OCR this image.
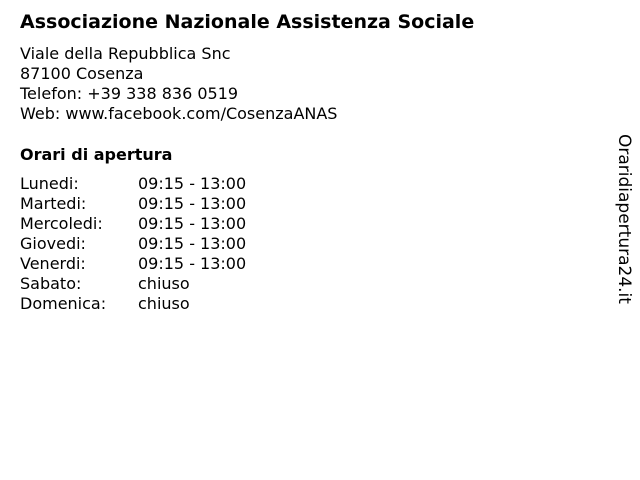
Associazione Nazionale Assistenza Sociale
Viale della Repubblica Snc
87100 Cosenza
Telefon: +39 338 836 0519
Web: www.facebook.com/CosenzaANAS
Orari di apertura
Lunedi:	09:15 - 13:00
Martedi:	09:15 - 13:00
Mercoledi:	09:15 - 13:00
Giovedi:	09:15 - 13:00
Venerdi:	09:15 - 13:00
Sabato:	chiuso
Domenica:	chiuso	Oraridiapertura24.it
